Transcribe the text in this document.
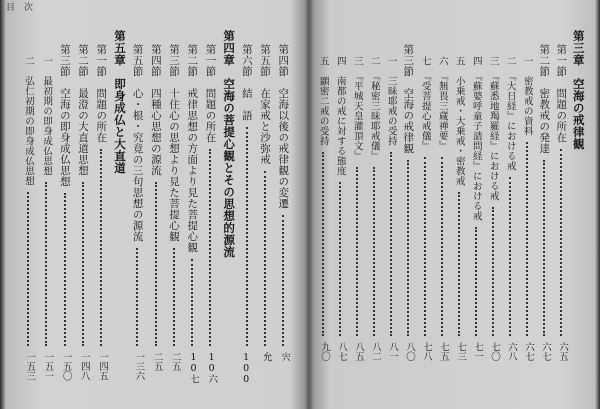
目　次
第四節　空海以後の戒律観の変遷
宍
第五節　在家戒と沙弥戒
允
第六節　結　語
100
第四章　空海の菩提心観とその思想的源流
第一節　問題の所在
10六
第二節　戒律思想の方面より見た菩提心観
10七
第三節　十住心の思想より見た菩提心観
二五
第四節　四種心思想の源流
二五
第五節　心・根・究竟の三句思想の源流
一三六
第五章　即身成仏と大直道
第一節　問題の所在
一四五
第二節　最澄の大直道思想
一四八
第三節　空海の即身成仏思想
一五〇
一　最初期の即身成仏思想
一五一
二　弘仁初期の即身成仏思想
一五三
第三章　空海の戒律観
第一節　問題の所在
六五
第二節　密教戒の発達
六七
一　密教戒の資料
六七
二　『大日経』における戒
六八
三　『蘇悉地羯羅経』における戒
七〇
四　『蘇婆呼童子請問経』における戒
七一
五　小乗戒・大乗戒・密教戒
七三
六　『無畏三蔵禅要』
七五
七　『受菩提心戒儀』
七八
第三節　空海の戒律観
八〇
一　三昧耶戒の受持
八一
二　『秘密三昧耶戒儀』
八二
三　『平城天皇灌頂文』
八五
四　南都の戒に対する態度
八七
五　顕密二戒の受持
九〇
